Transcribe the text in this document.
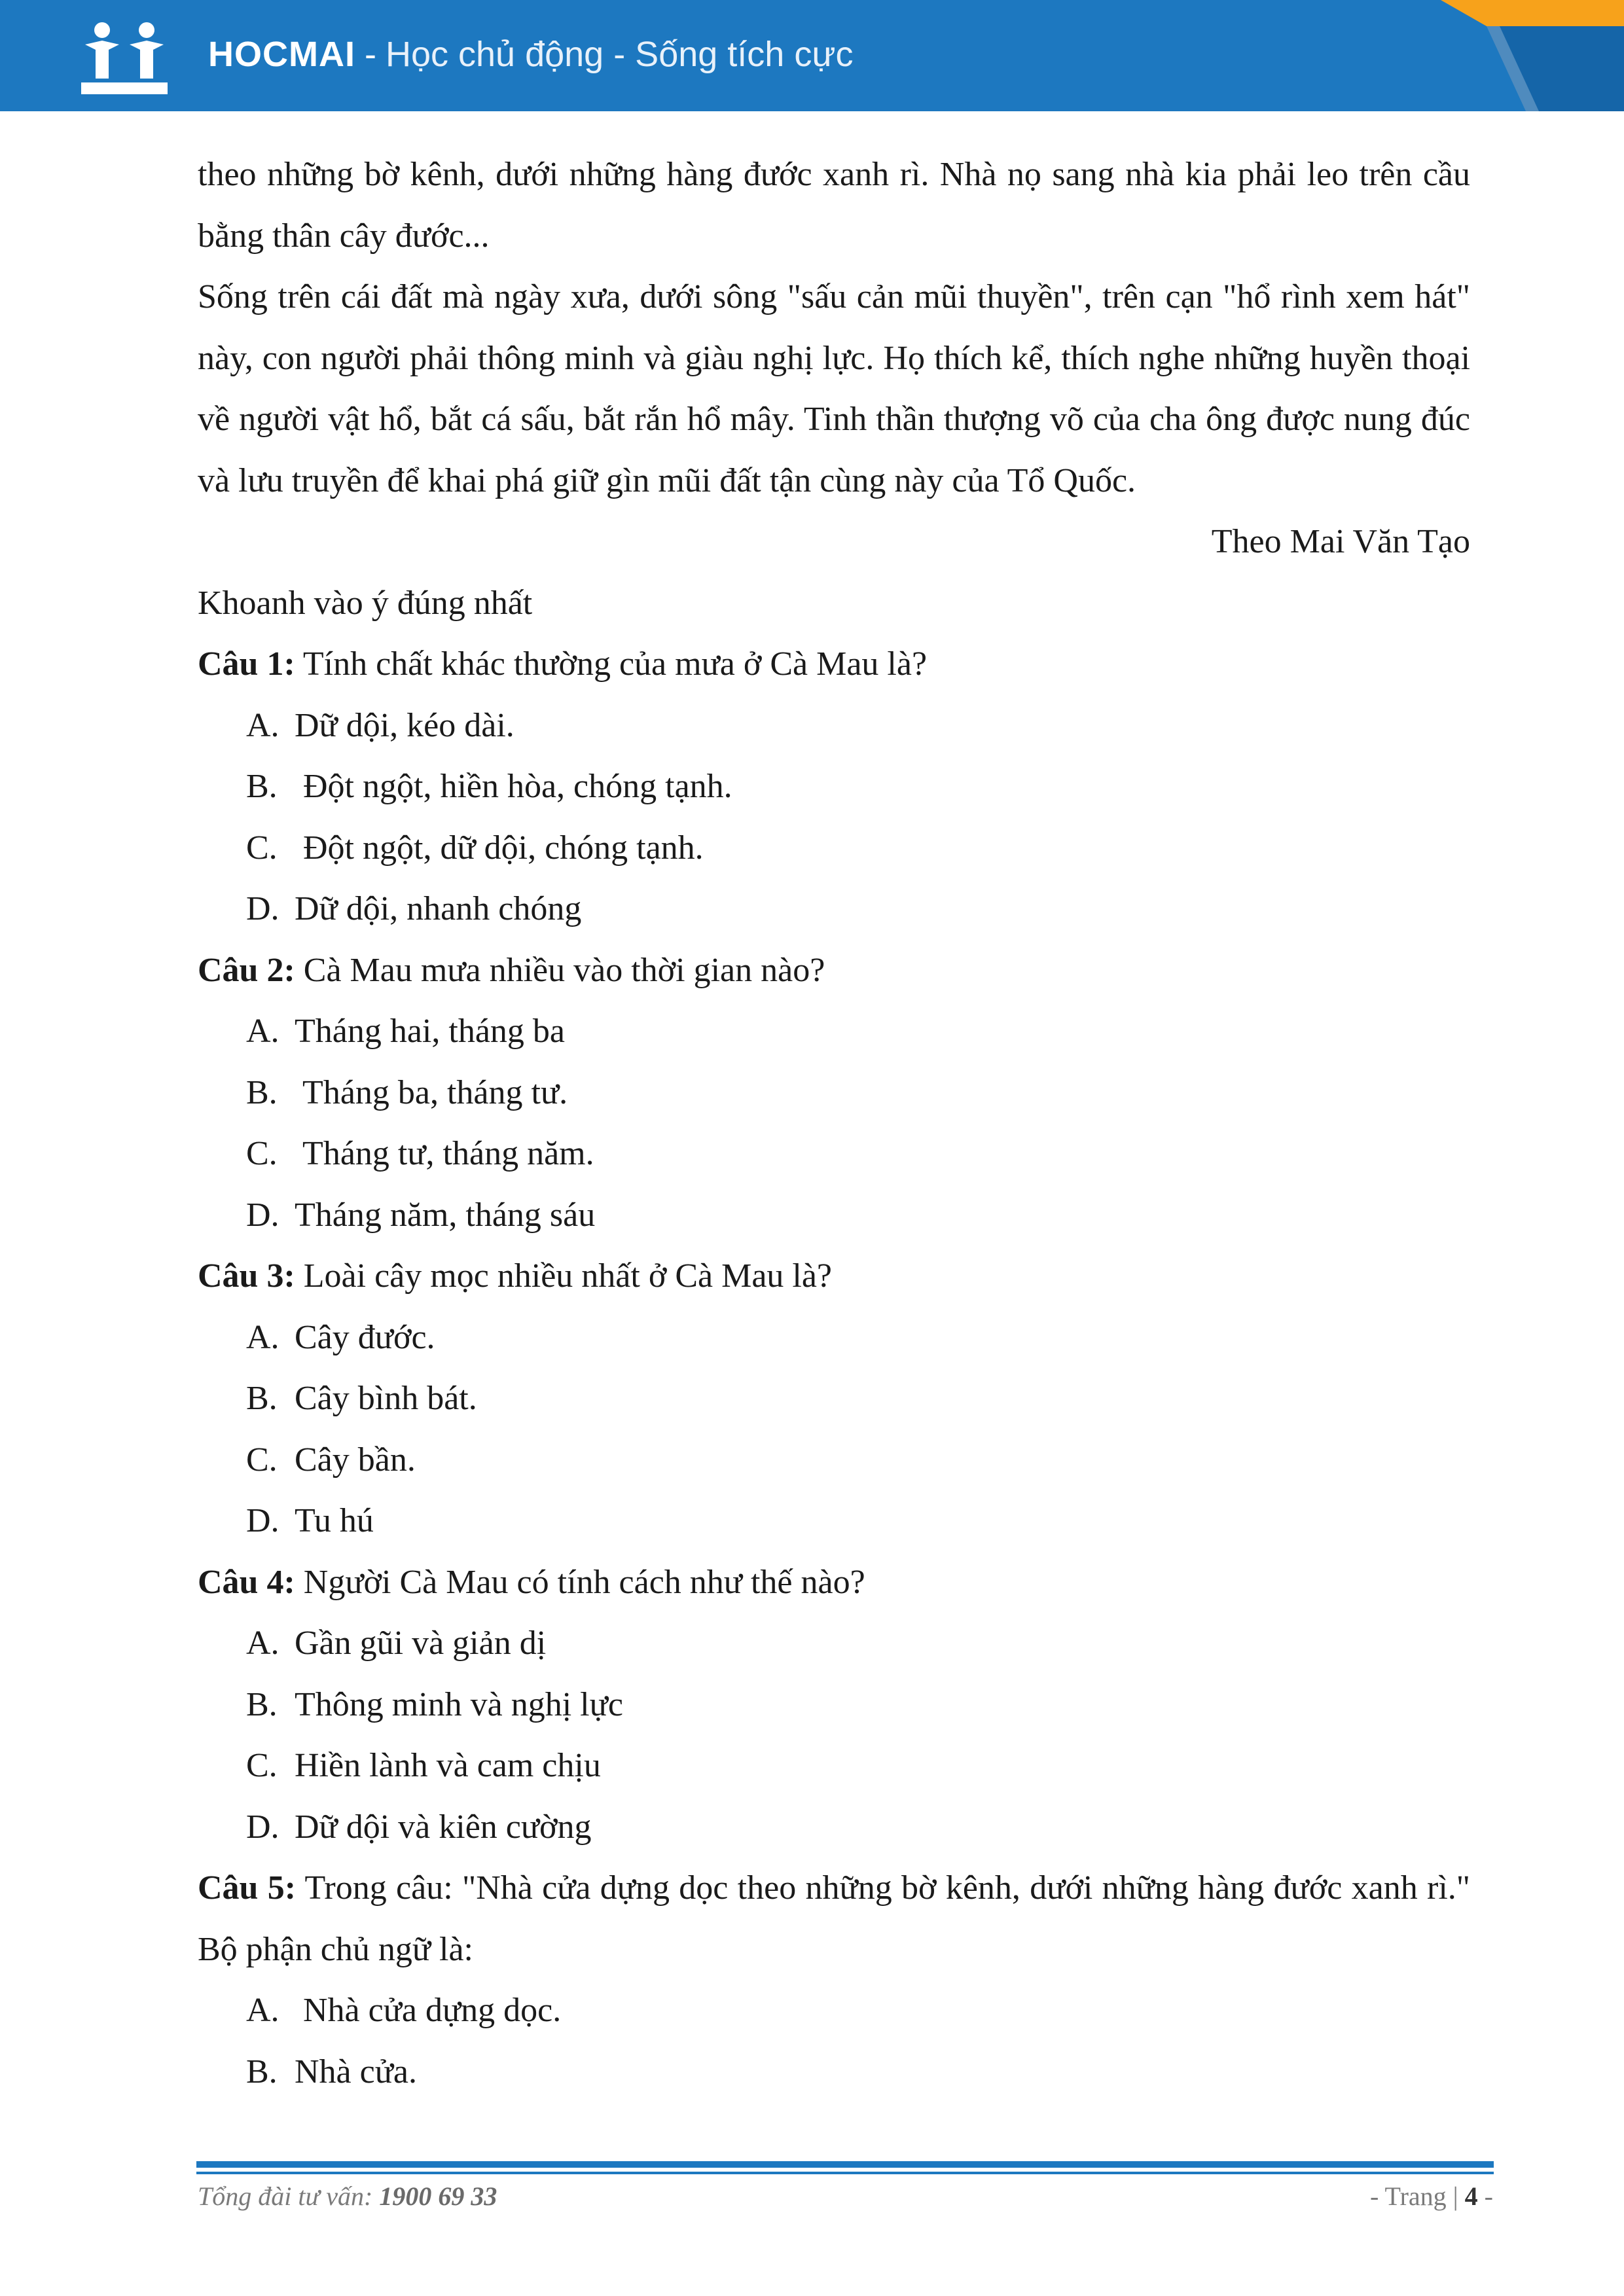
HOCMAI - Học chủ động - Sống tích cực

theo những bờ kênh, dưới những hàng đước xanh rì. Nhà nọ sang nhà kia phải leo trên cầu bằng thân cây đước...

Sống trên cái đất mà ngày xưa, dưới sông "sấu cản mũi thuyền", trên cạn "hổ rình xem hát" này, con người phải thông minh và giàu nghị lực. Họ thích kể, thích nghe những huyền thoại về người vật hổ, bắt cá sấu, bắt rắn hổ mây. Tinh thần thượng võ của cha ông được nung đúc và lưu truyền để khai phá giữ gìn mũi đất tận cùng này của Tổ Quốc.

Theo Mai Văn Tạo

Khoanh vào ý đúng nhất

Câu 1: Tính chất khác thường của mưa ở Cà Mau là?

A. Dữ dội, kéo dài.

B. Đột ngột, hiền hòa, chóng tạnh.

C. Đột ngột, dữ dội, chóng tạnh.

D. Dữ dội, nhanh chóng

Câu 2: Cà Mau mưa nhiều vào thời gian nào?

A. Tháng hai, tháng ba

B. Tháng ba, tháng tư.

C. Tháng tư, tháng năm.

D. Tháng năm, tháng sáu

Câu 3: Loài cây mọc nhiều nhất ở Cà Mau là?

A. Cây đước.

B. Cây bình bát.

C. Cây bần.

D. Tu hú

Câu 4: Người Cà Mau có tính cách như thế nào?

A. Gần gũi và giản dị

B. Thông minh và nghị lực

C. Hiền lành và cam chịu

D. Dữ dội và kiên cường

Câu 5: Trong câu: "Nhà cửa dựng dọc theo những bờ kênh, dưới những hàng đước xanh rì." Bộ phận chủ ngữ là:

A. Nhà cửa dựng dọc.

B. Nhà cửa.

Tổng đài tư vấn: 1900 69 33	- Trang | 4 -
